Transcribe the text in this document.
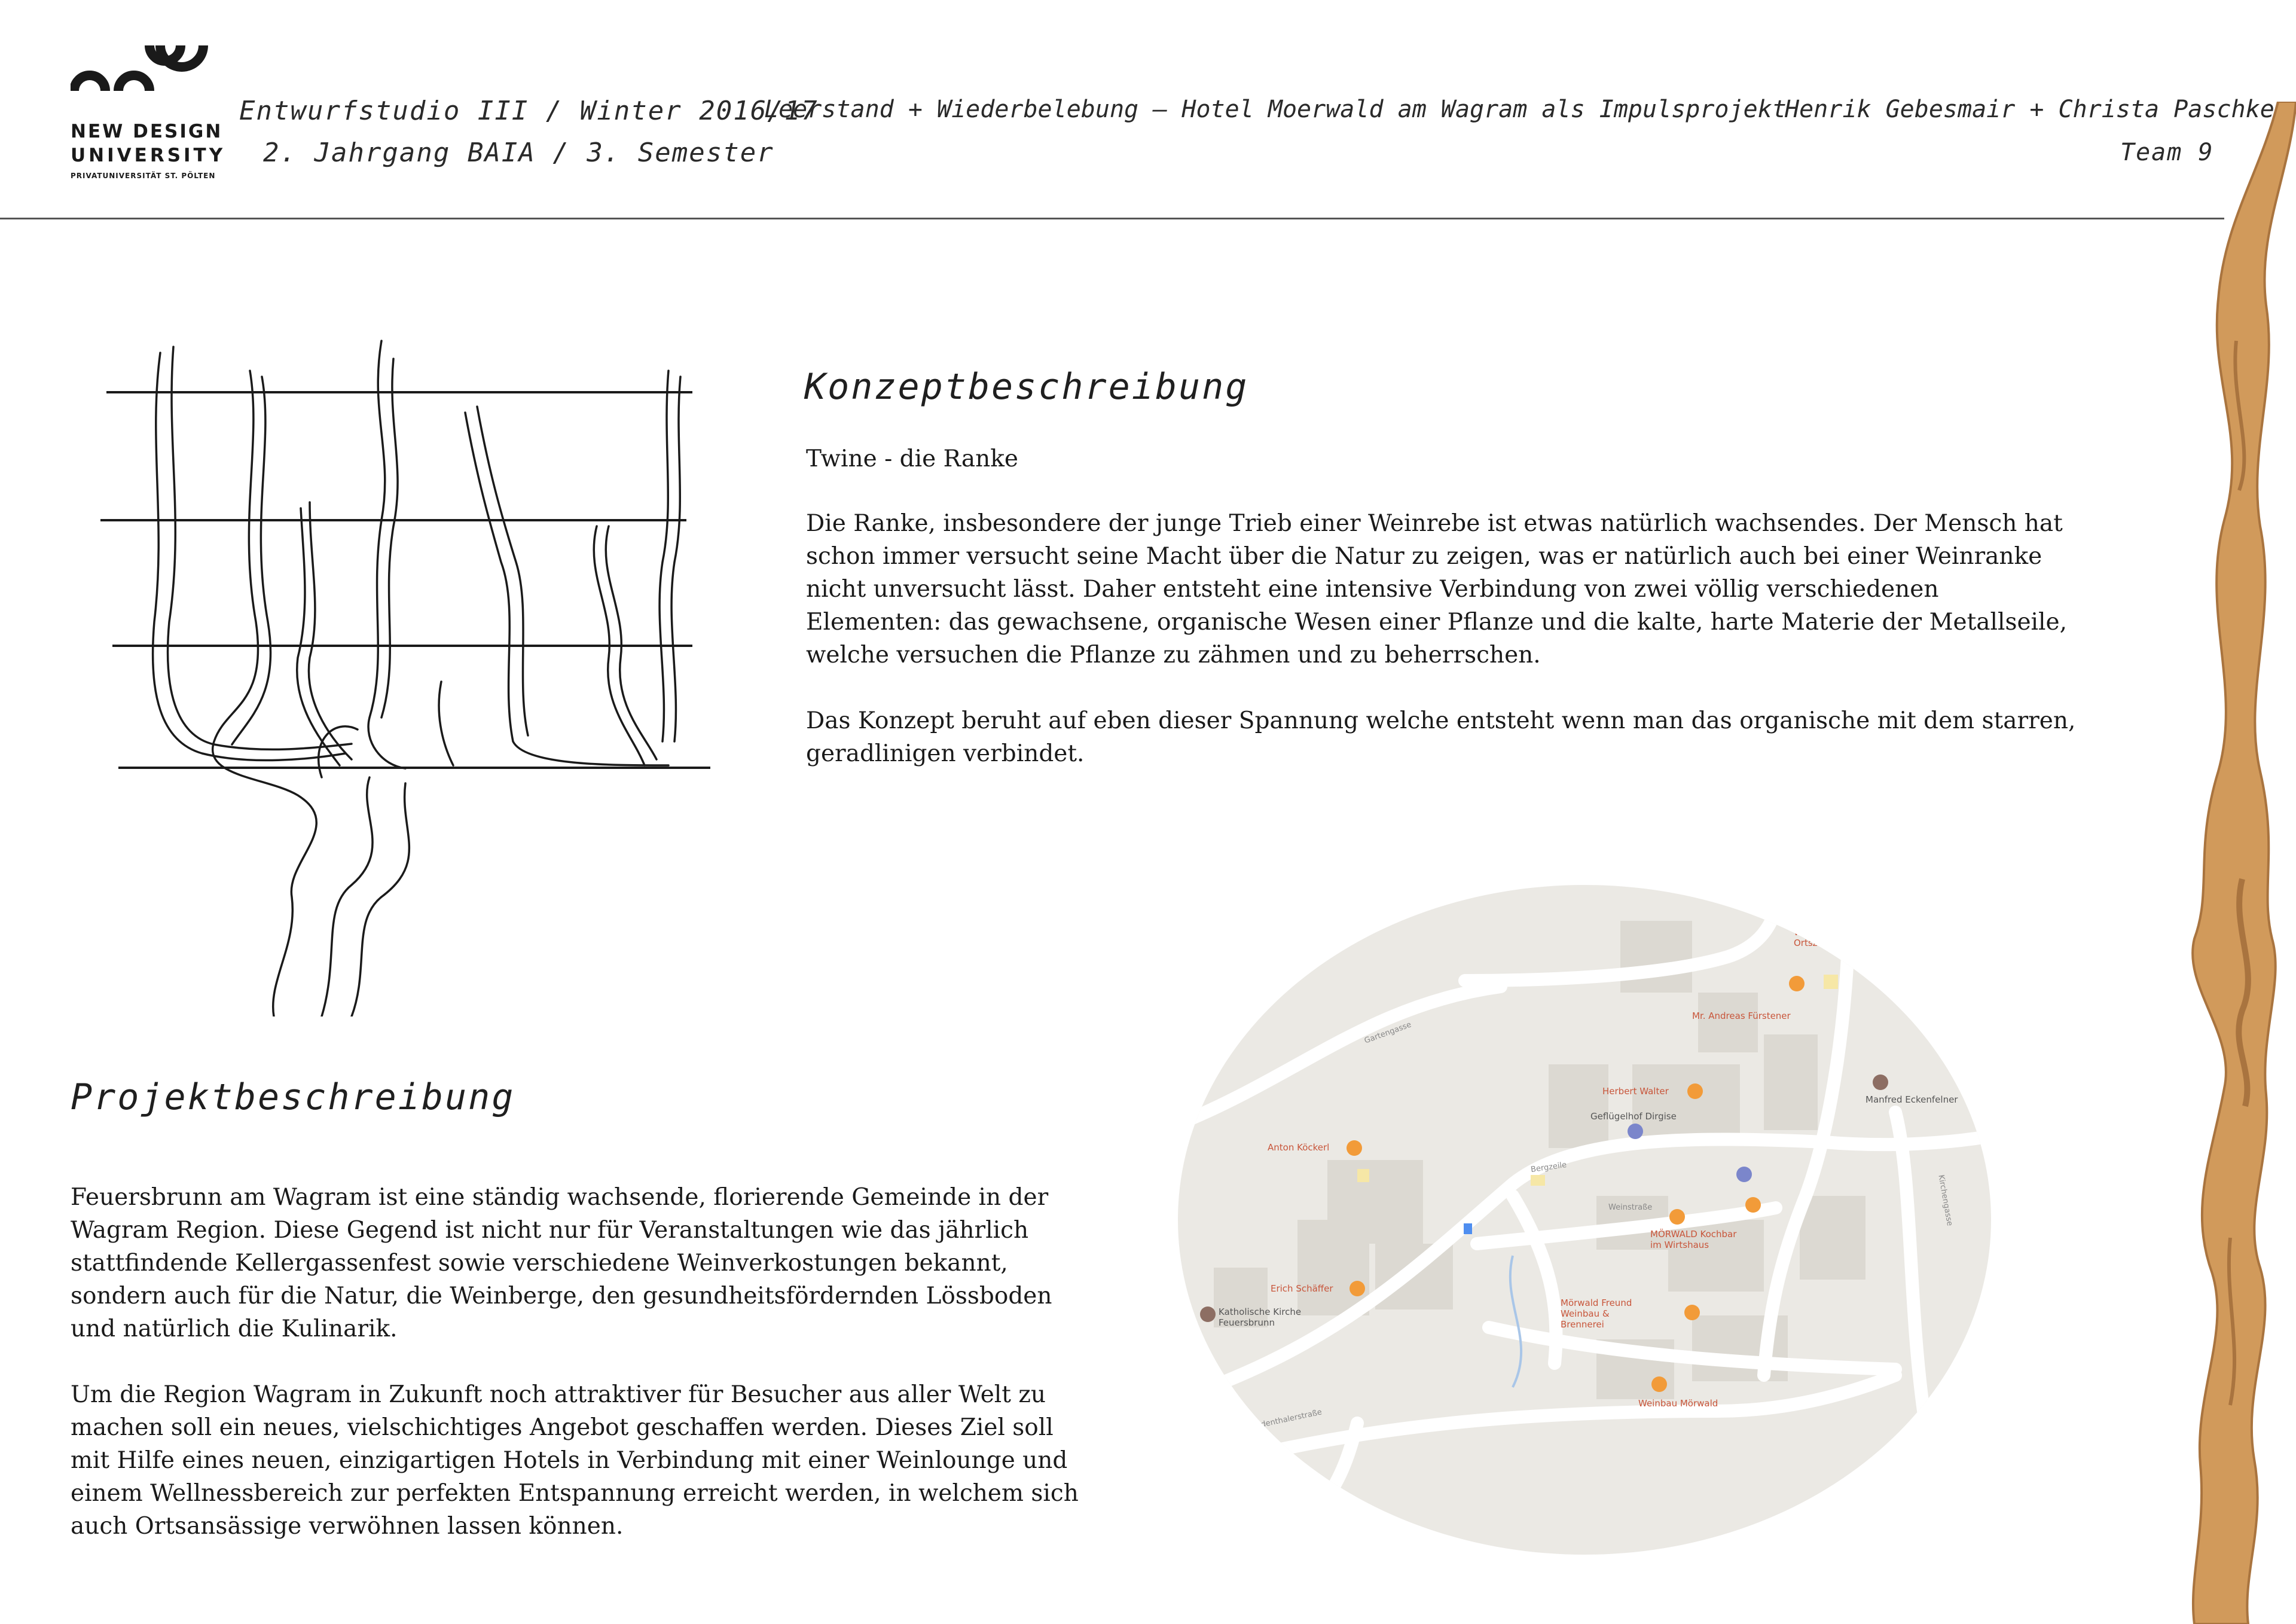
NEW DESIGN
UNIVERSITY
PRIVATUNIVERSITÄT ST. PÖLTEN
Entwurfstudio III / Winter 2016/17
2. Jahrgang BAIA / 3. Semester
Leerstand + Wiederbelebung – Hotel Moerwald am Wagram als Impulsprojekt
Henrik Gebesmair + Christa Paschke
Team 9
Konzeptbeschreibung
Twine - die Ranke

Die Ranke, insbesondere der junge Trieb einer Weinrebe ist etwas natürlich wachsendes. Der Mensch hat schon immer versucht seine Macht über die Natur zu zeigen, was er natürlich auch bei einer Weinranke nicht unversucht lässt. Daher entsteht eine intensive Verbindung von zwei völlig verschiedenen Elementen: das gewachsene, organische Wesen einer Pflanze und die kalte, harte Materie der Metallseile, welche versuchen die Pflanze zu zähmen und zu beherrschen.

Das Konzept beruht auf eben dieser Spannung welche entsteht wenn man das organische mit dem starren, geradlinigen verbindet.

Projektbeschreibung

Feuersbrunn am Wagram ist eine ständig wachsende, florierende Gemeinde in der Wagram Region. Diese Gegend ist nicht nur für Veranstaltungen wie das jährlich stattfindende Kellergassenfest sowie verschiedene Weinverkostungen bekannt, sondern auch für die Natur, die Weinberge, den gesundheitsfördernden Lössboden und natürlich die Kulinarik.

Um die Region Wagram in Zukunft noch attraktiver für Besucher aus aller Welt zu machen soll ein neues, vielschichtiges Angebot geschaffen werden. Dieses Ziel soll mit Hilfe eines neuen, einzigartigen Hotels in Verbindung mit einer Weinlounge und einem Wellnessbereich zur perfekten Entspannung erreicht werden, in welchem sich auch Ortsansässige verwöhnen lassen können.

Weinbau Weber Ortszeit
Mr. Andreas Fürstener
Manfred Eckenfelner
Herbert Walter
Geflügelhof Dirgise
Anton Köckerl
MÖRWALD Kochbar im Wirtshaus
Erich Schäffer
Katholische Kirche Feuersbrunn
Mörwald Freund Weinbau & Brennerei
Weinbau Mörwald
Gartengasse
Bergzeile
Weinstraße
Großriedenthalerstraße
Kirchengasse
